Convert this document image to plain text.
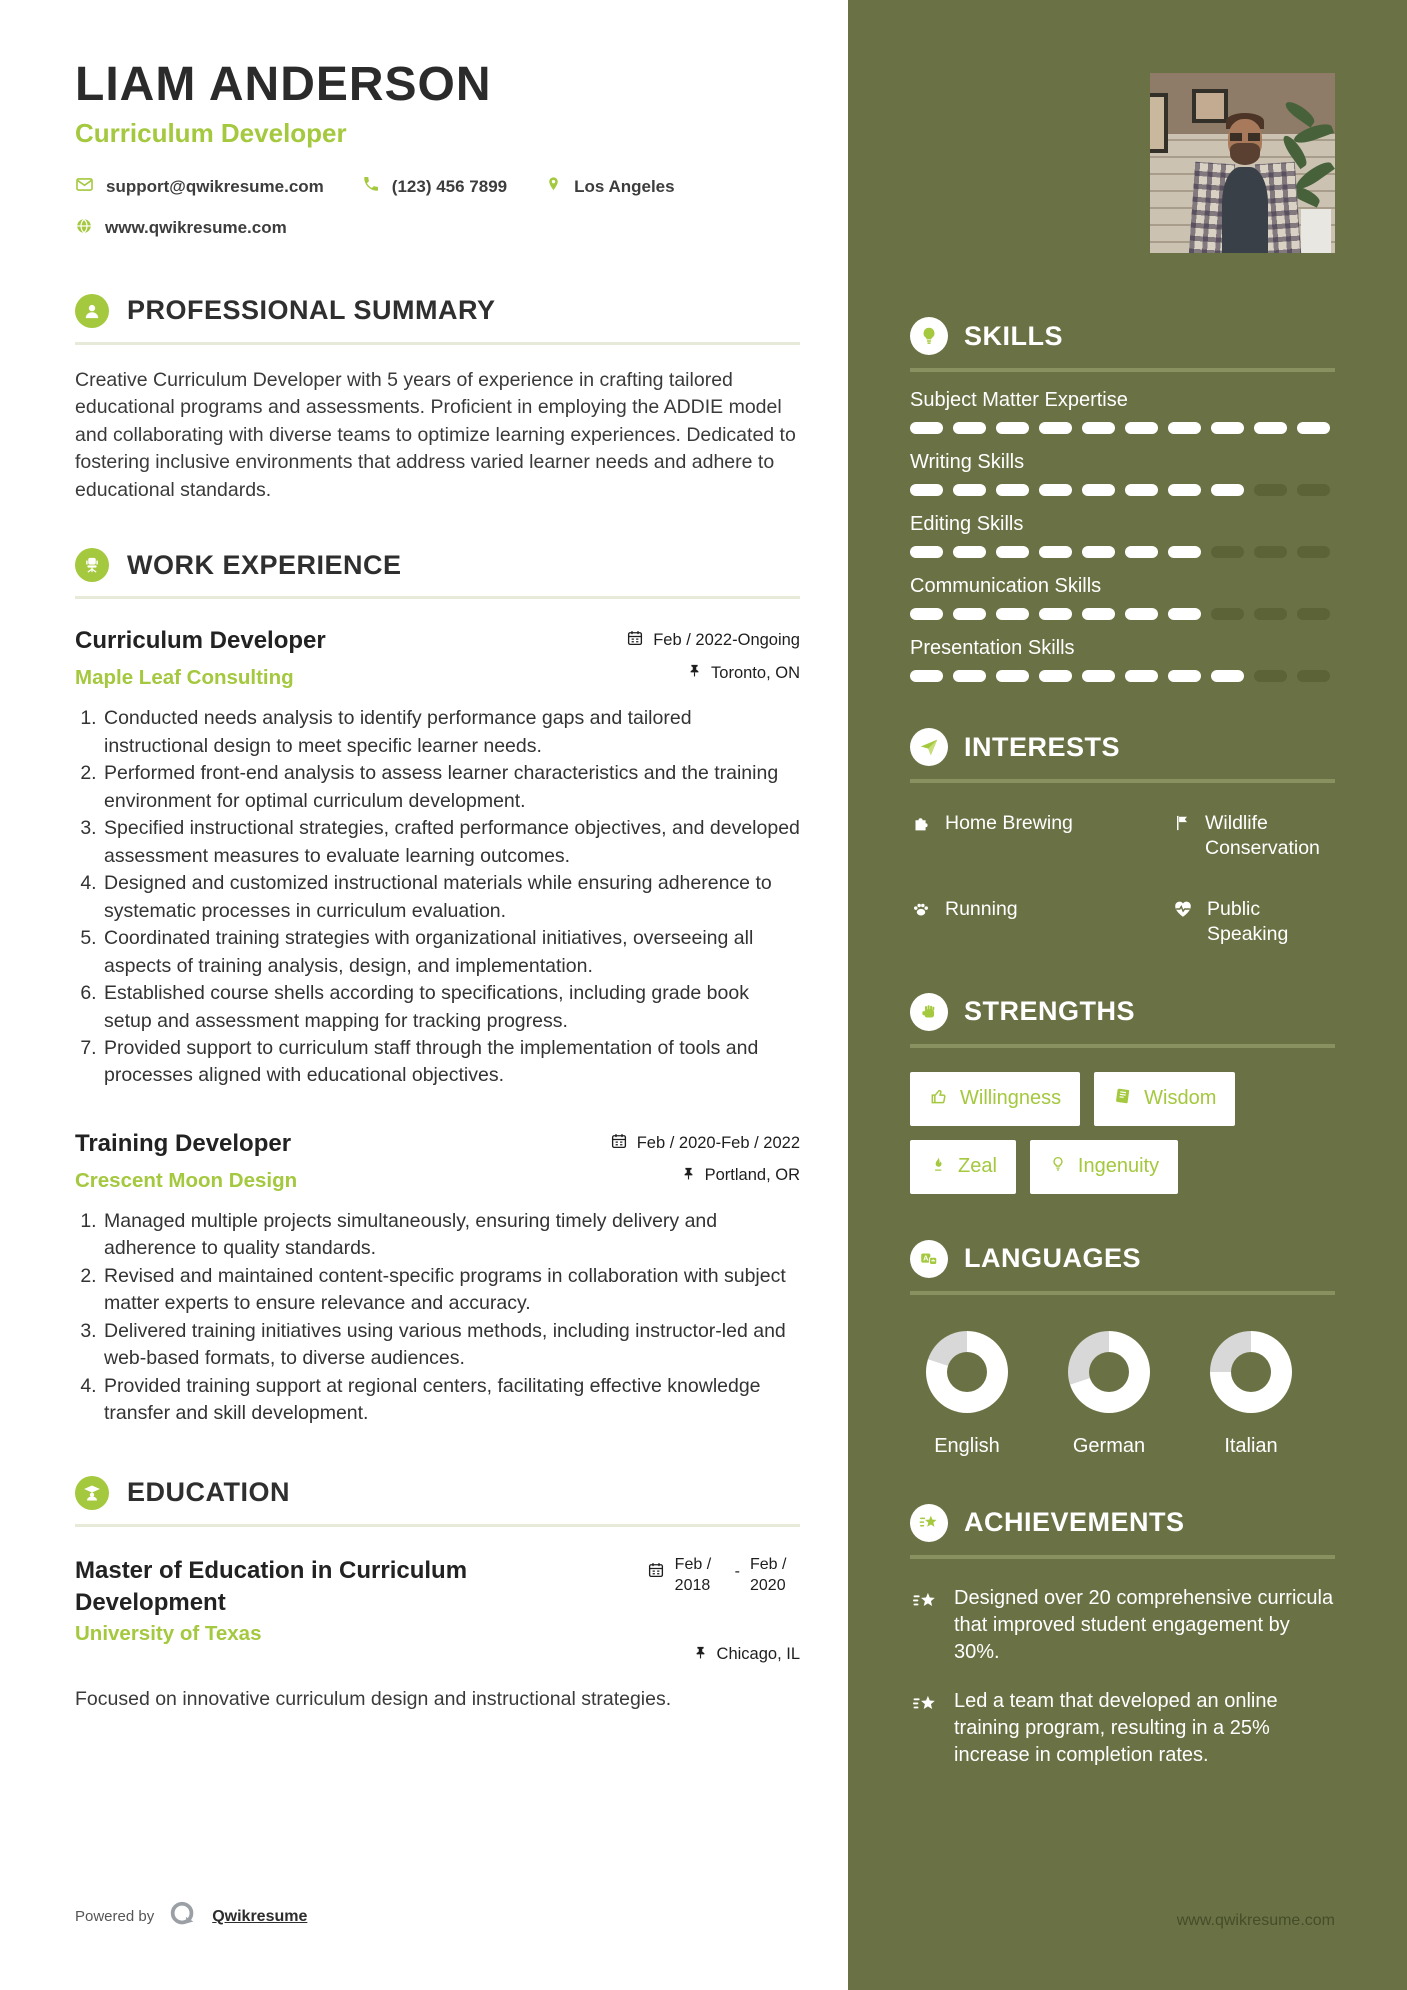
LIAM ANDERSON
Curriculum Developer
support@qwikresume.com	(123) 456 7899	Los Angeles
www.qwikresume.com
PROFESSIONAL SUMMARY

Creative Curriculum Developer with 5 years of experience in crafting tailored educational programs and assessments. Proficient in employing the ADDIE model and collaborating with diverse teams to optimize learning experiences. Dedicated to fostering inclusive environments that address varied learner needs and adhere to educational standards.

WORK EXPERIENCE
Curriculum Developer
Maple Leaf Consulting
Feb / 2022-Ongoing
Toronto, ON
1. Conducted needs analysis to identify performance gaps and tailored instructional design to meet specific learner needs.
2. Performed front-end analysis to assess learner characteristics and the training environment for optimal curriculum development.
3. Specified instructional strategies, crafted performance objectives, and developed assessment measures to evaluate learning outcomes.
4. Designed and customized instructional materials while ensuring adherence to systematic processes in curriculum evaluation.
5. Coordinated training strategies with organizational initiatives, overseeing all aspects of training analysis, design, and implementation.
6. Established course shells according to specifications, including grade book setup and assessment mapping for tracking progress.
7. Provided support to curriculum staff through the implementation of tools and processes aligned with educational objectives.
Training Developer
Crescent Moon Design
Feb / 2020-Feb / 2022
Portland, OR
1. Managed multiple projects simultaneously, ensuring timely delivery and adherence to quality standards.
2. Revised and maintained content-specific programs in collaboration with subject matter experts to ensure relevance and accuracy.
3. Delivered training initiatives using various methods, including instructor-led and web-based formats, to diverse audiences.
4. Provided training support at regional centers, facilitating effective knowledge transfer and skill development.
EDUCATION
Master of Education in Curriculum Development
Feb / 2018
- Feb / 2020
University of Texas
Chicago, IL

Focused on innovative curriculum design and instructional strategies.

Powered by	Qwikresume
SKILLS
Subject Matter Expertise
Writing Skills
Editing Skills
Communication Skills
Presentation Skills
INTERESTS
Home Brewing	Wildlife Conservation
Running	Public Speaking
STRENGTHS
Willingness	Wisdom
Zeal	Ingenuity
A LANGUAGES
English	German	Italian
ACHIEVEMENTS
Designed over 20 comprehensive curricula that improved student engagement by 30%.
Led a team that developed an online training program, resulting in a 25% increase in completion rates.
www.qwikresume.com
